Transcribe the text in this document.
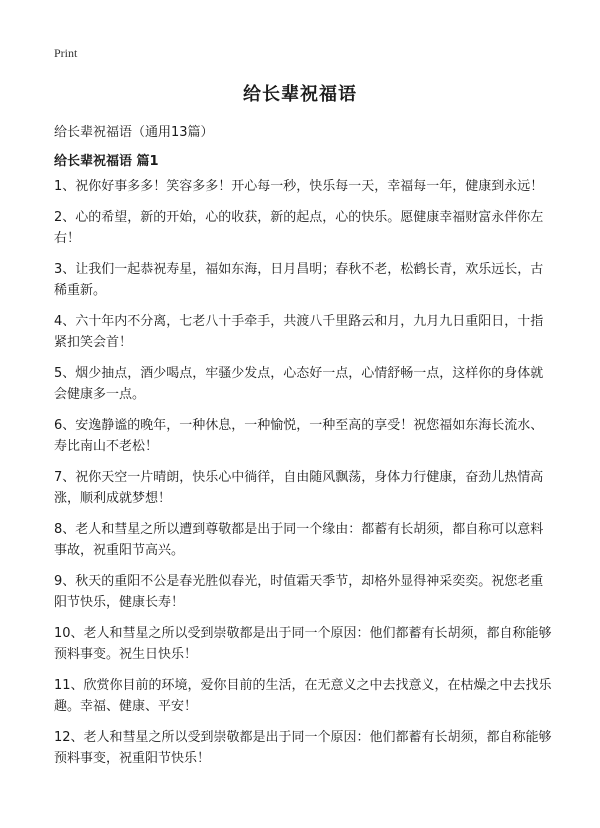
Print
给长辈祝福语
给长辈祝福语（通用13篇）
给长辈祝福语 篇1
1、祝你好事多多！笑容多多！开心每一秒，快乐每一天，幸福每一年，健康到永远！
2、心的希望，新的开始，心的收获，新的起点，心的快乐。愿健康幸福财富永伴你左右！
3、让我们一起恭祝寿星，福如东海，日月昌明；春秋不老，松鹤长青，欢乐远长，古稀重新。
4、六十年内不分离，七老八十手牵手，共渡八千里路云和月，九月九日重阳日，十指紧扣笑会首！
5、烟少抽点，酒少喝点，牢骚少发点，心态好一点，心情舒畅一点，这样你的身体就会健康多一点。
6、安逸静谧的晚年，一种休息，一种愉悦，一种至高的享受！祝您福如东海长流水、寿比南山不老松！
7、祝你天空一片晴朗，快乐心中徜徉，自由随风飘荡，身体力行健康，奋劲儿热情高涨，顺利成就梦想！
8、老人和彗星之所以遭到尊敬都是出于同一个缘由：都蓄有长胡须，都自称可以意料事故，祝重阳节高兴。
9、秋天的重阳不公是春光胜似春光，时值霜天季节，却格外显得神采奕奕。祝您老重阳节快乐，健康长寿！
10、老人和彗星之所以受到崇敬都是出于同一个原因：他们都蓄有长胡须，都自称能够预料事变。祝生日快乐！
11、欣赏你目前的环境，爱你目前的生活，在无意义之中去找意义，在枯燥之中去找乐趣。幸福、健康、平安！
12、老人和彗星之所以受到崇敬都是出于同一个原因：他们都蓄有长胡须，都自称能够预料事变，祝重阳节快乐！
